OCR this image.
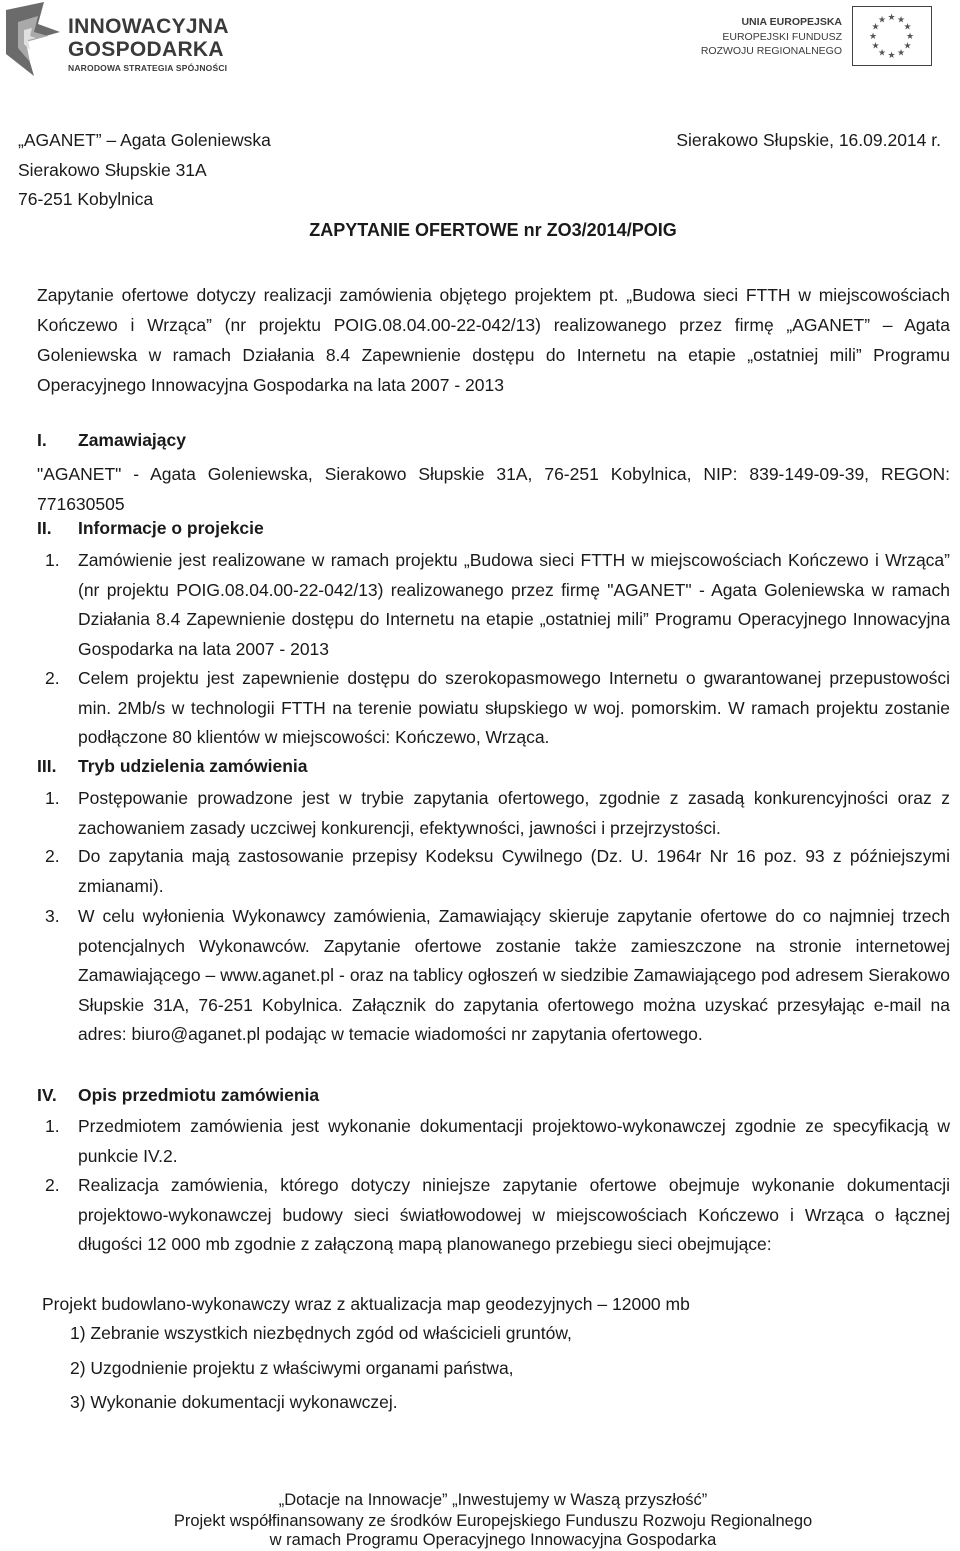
INNOWACYJNA
GOSPODARKA
NARODOWA STRATEGIA SPÓJNOŚCI
UNIA EUROPEJSKA
EUROPEJSKI FUNDUSZ
ROZWOJU REGIONALNEGO
★ ★
★
★
★
★
★
★
★
★
★
★
„AGANET” – Agata Goleniewska
Sierakowo Słupskie 31A
76-251 Kobylnica
Sierakowo Słupskie, 16.09.2014 r.
ZAPYTANIE OFERTOWE nr ZO3/2014/POIG
Zapytanie ofertowe dotyczy realizacji zamówienia objętego projektem pt. „Budowa sieci FTTH w miejscowościach Kończewo i Wrząca” (nr projektu POIG.08.04.00-22-042/13) realizowanego przez firmę „AGANET” – Agata Goleniewska w ramach Działania 8.4 Zapewnienie dostępu do Internetu na etapie „ostatniej mili” Programu Operacyjnego Innowacyjna Gospodarka na lata 2007 - 2013
I. Zamawiający
"AGANET" - Agata Goleniewska, Sierakowo Słupskie 31A, 76-251 Kobylnica, NIP: 839-149-09-39, REGON: 771630505
II. Informacje o projekcie
1. Zamówienie jest realizowane w ramach projektu „Budowa sieci FTTH w miejscowościach Kończewo i Wrząca” (nr projektu POIG.08.04.00-22-042/13) realizowanego przez firmę "AGANET" - Agata Goleniewska w ramach Działania 8.4 Zapewnienie dostępu do Internetu na etapie „ostatniej mili” Programu Operacyjnego Innowacyjna Gospodarka na lata 2007 - 2013
2. Celem projektu jest zapewnienie dostępu do szerokopasmowego Internetu o gwarantowanej przepustowości min. 2Mb/s w technologii FTTH na terenie powiatu słupskiego w woj. pomorskim. W ramach projektu zostanie podłączone 80 klientów w miejscowości: Kończewo, Wrząca.
III. Tryb udzielenia zamówienia
1. Postępowanie prowadzone jest w trybie zapytania ofertowego, zgodnie z zasadą konkurencyjności oraz z zachowaniem zasady uczciwej konkurencji, efektywności, jawności i przejrzystości.
2. Do zapytania mają zastosowanie przepisy Kodeksu Cywilnego (Dz. U. 1964r Nr 16 poz. 93 z późniejszymi zmianami).
3. W celu wyłonienia Wykonawcy zamówienia, Zamawiający skieruje zapytanie ofertowe do co najmniej trzech potencjalnych Wykonawców. Zapytanie ofertowe zostanie także zamieszczone na stronie internetowej Zamawiającego – www.aganet.pl - oraz na tablicy ogłoszeń w siedzibie Zamawiającego pod adresem Sierakowo Słupskie 31A, 76-251 Kobylnica. Załącznik do zapytania ofertowego można uzyskać przesyłając e-mail na adres: biuro@aganet.pl podając w temacie wiadomości nr zapytania ofertowego.
IV. Opis przedmiotu zamówienia
1. Przedmiotem zamówienia jest wykonanie dokumentacji projektowo-wykonawczej zgodnie ze specyfikacją w punkcie IV.2.
2. Realizacja zamówienia, którego dotyczy niniejsze zapytanie ofertowe obejmuje wykonanie dokumentacji projektowo-wykonawczej budowy sieci światłowodowej w miejscowościach Kończewo i Wrząca o łącznej długości 12 000 mb zgodnie z załączoną mapą planowanego przebiegu sieci obejmujące:
Projekt budowlano-wykonawczy wraz z aktualizacja map geodezyjnych – 12000 mb
1) Zebranie wszystkich niezbędnych zgód od właścicieli gruntów,
2) Uzgodnienie projektu z właściwymi organami państwa,
3) Wykonanie dokumentacji wykonawczej.
„Dotacje na Innowacje” „Inwestujemy w Waszą przyszłość”
Projekt współfinansowany ze środków Europejskiego Funduszu Rozwoju Regionalnego
w ramach Programu Operacyjnego Innowacyjna Gospodarka
